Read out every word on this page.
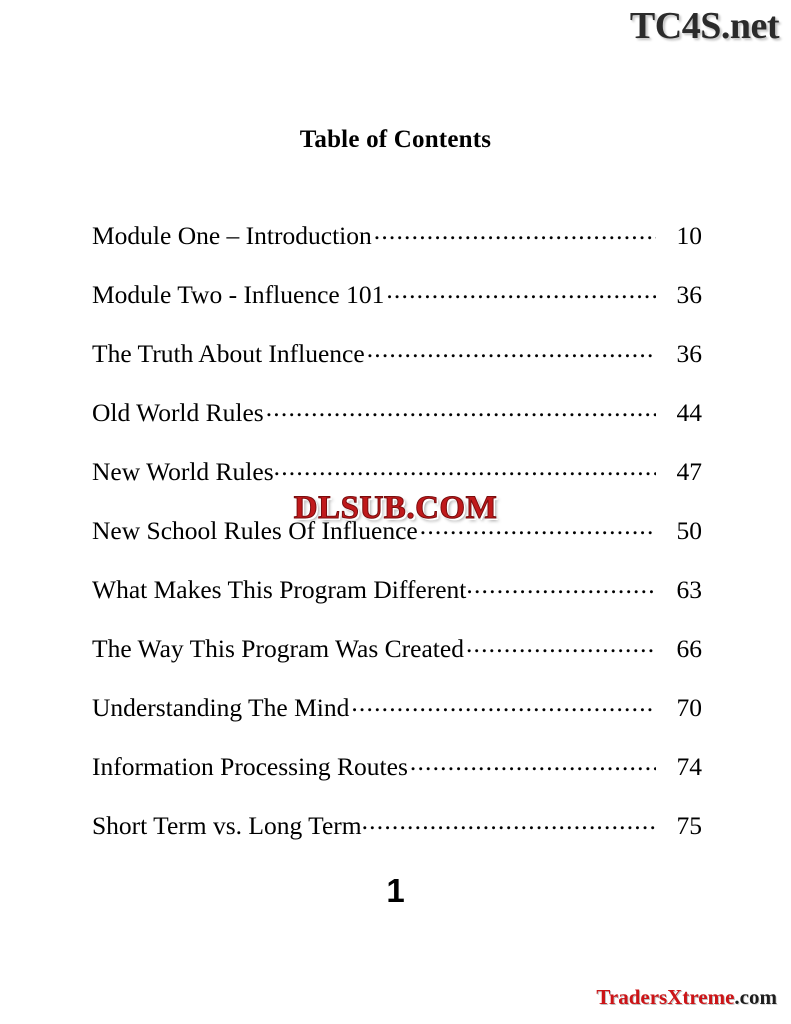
TC4S.net
Table of Contents
Module One – Introduction .....	10
Module Two - Influence 101 .....	36
The Truth About Influence .....	36
Old World Rules .....	44
New World Rules .....	47
New School Rules Of Influence .....	50
What Makes This Program Different .....	63
The Way This Program Was Created .....	66
Understanding The Mind .....	70
Information Processing Routes .....	74
Short Term vs. Long Term .....	75
DLSUB.COM
1
TradersXtreme.com
